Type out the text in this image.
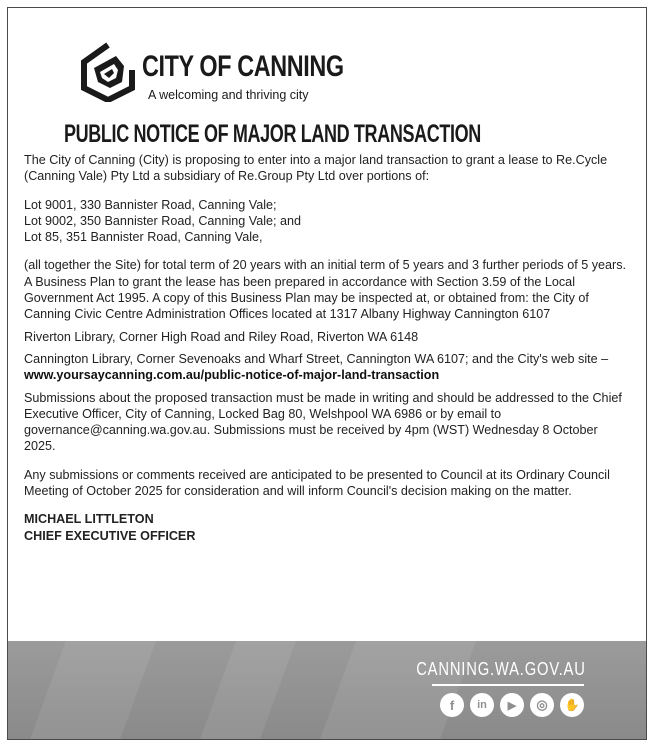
CITY OF CANNING
A welcoming and thriving city
PUBLIC NOTICE OF MAJOR LAND TRANSACTION

The City of Canning (City) is proposing to enter into a major land transaction to grant a lease to Re.Cycle (Canning Vale) Pty Ltd a subsidiary of Re.Group Pty Ltd over portions of:

Lot 9001, 330 Bannister Road, Canning Vale;
Lot 9002, 350 Bannister Road, Canning Vale; and
Lot 85, 351 Bannister Road, Canning Vale,

(all together the Site) for total term of 20 years with an initial term of 5 years and 3 further periods of 5 years.

A Business Plan to grant the lease has been prepared in accordance with Section 3.59 of the Local Government Act 1995. A copy of this Business Plan may be inspected at, or obtained from: the City of Canning Civic Centre Administration Offices located at 1317 Albany Highway Cannington 6107

Riverton Library, Corner High Road and Riley Road, Riverton WA 6148

Cannington Library, Corner Sevenoaks and Wharf Street, Cannington WA 6107; and the City's web site – www.yoursaycanning.com.au/public-notice-of-major-land-transaction

Submissions about the proposed transaction must be made in writing and should be addressed to the Chief Executive Officer, City of Canning, Locked Bag 80, Welshpool WA 6986 or by email to governance@canning.wa.gov.au. Submissions must be received by 4pm (WST) Wednesday 8 October 2025.

Any submissions or comments received are anticipated to be presented to Council at its Ordinary Council Meeting of October 2025 for consideration and will inform Council's decision making on the matter.

MICHAEL LITTLETON
CHIEF EXECUTIVE OFFICER
CANNING.WA.GOV.AU
f	in	▶	◎	✋
